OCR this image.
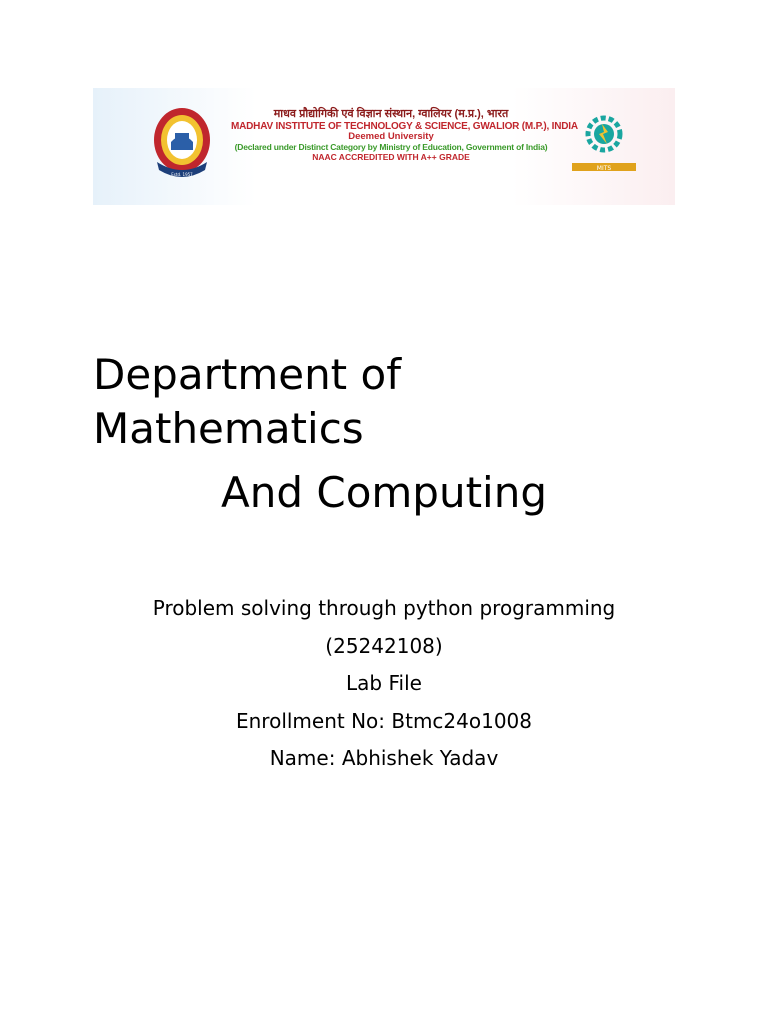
Estd. 1957
माधव प्रौद्योगिकी एवं विज्ञान संस्थान, ग्वालियर (म.प्र.), भारत
MADHAV INSTITUTE OF TECHNOLOGY & SCIENCE, GWALIOR (M.P.), INDIA
Deemed University
(Declared under Distinct Category by Ministry of Education, Government of India)
NAAC ACCREDITED WITH A++ GRADE
MITS
Department of
Mathematics
And Computing
Problem solving through python programming
(25242108)
Lab File
Enrollment No: Btmc24o1008
Name: Abhishek Yadav
